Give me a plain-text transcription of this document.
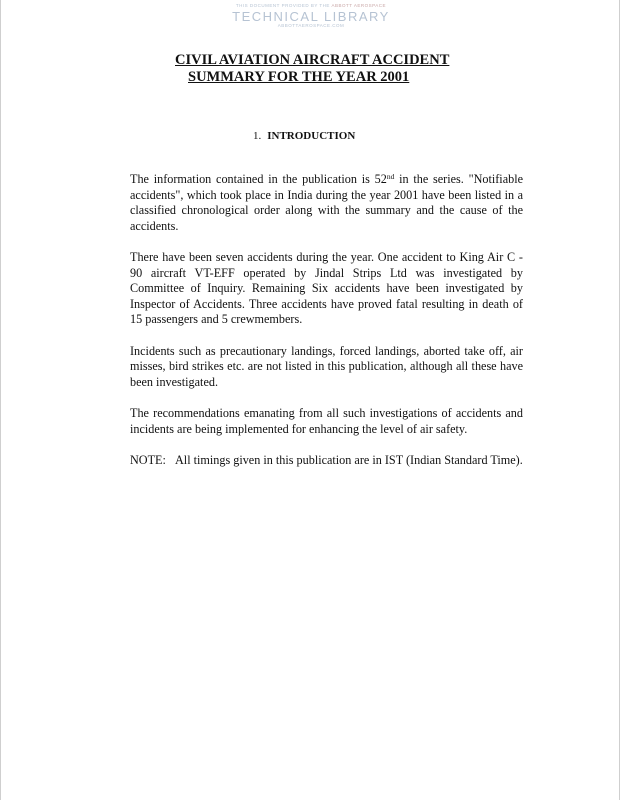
THIS DOCUMENT PROVIDED BY THE ABBOTT AEROSPACE
TECHNICAL LIBRARY
ABBOTTAEROSPACE.COM
CIVIL AVIATION AIRCRAFT ACCIDENT
SUMMARY FOR THE YEAR 2001
1. INTRODUCTION

The information contained in the publication is 52nd in the series. "Notifiable accidents", which took place in India during the year 2001 have been listed in a classified chronological order along with the summary and the cause of the accidents.

There have been seven accidents during the year. One accident to King Air C - 90 aircraft VT-EFF operated by Jindal Strips Ltd was investigated by Committee of Inquiry. Remaining Six accidents have been investigated by Inspector of Accidents. Three accidents have proved fatal resulting in death of 15 passengers and 5 crewmembers.

Incidents such as precautionary landings, forced landings, aborted take off, air misses, bird strikes etc. are not listed in this publication, although all these have been investigated.

The recommendations emanating from all such investigations of accidents and incidents are being implemented for enhancing the level of air safety.

NOTE: All timings given in this publication are in IST (Indian Standard Time).
